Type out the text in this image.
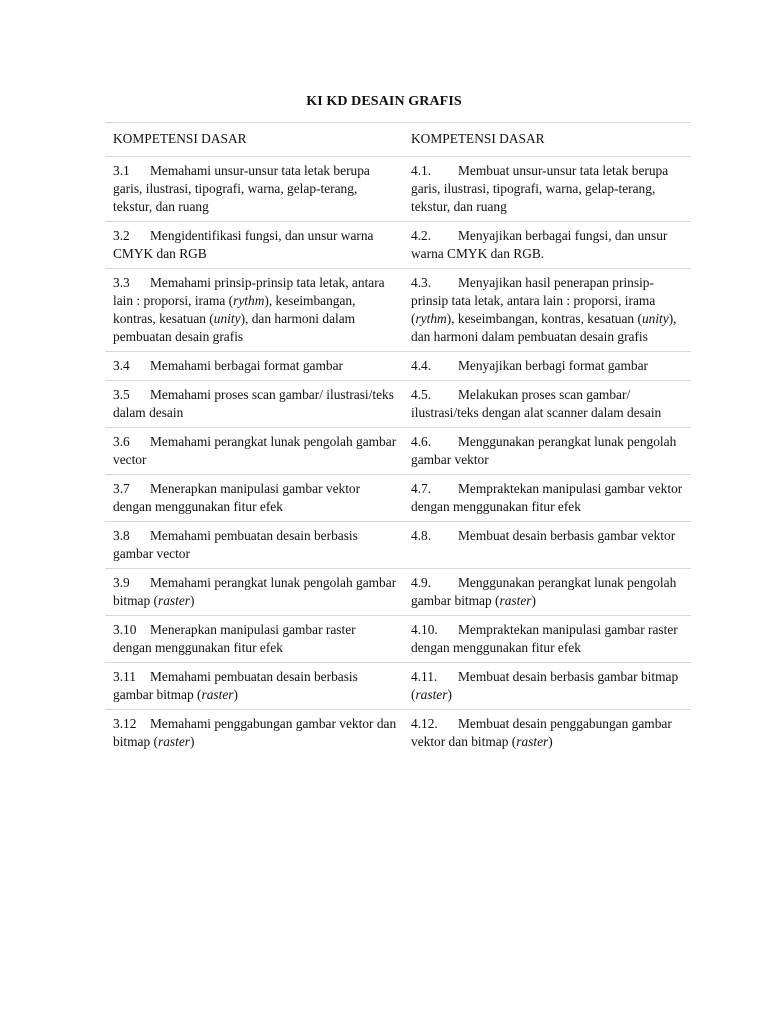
KI KD DESAIN GRAFIS
KOMPETENSI DASAR	KOMPETENSI DASAR
3.1 Memahami unsur-unsur tata letak berupa garis, ilustrasi, tipografi, warna, gelap-terang, tekstur, dan ruang	4.1. Membuat unsur-unsur tata letak berupa garis, ilustrasi, tipografi, warna, gelap-terang, tekstur, dan ruang
3.2 Mengidentifikasi fungsi, dan unsur warna CMYK dan RGB	4.2. Menyajikan berbagai fungsi, dan unsur warna CMYK dan RGB.
3.3 Memahami prinsip-prinsip tata letak, antara lain : proporsi, irama (rythm), keseimbangan, kontras, kesatuan (unity), dan harmoni dalam pembuatan desain grafis	4.3. Menyajikan hasil penerapan prinsip-prinsip tata letak, antara lain : proporsi, irama (rythm), keseimbangan, kontras, kesatuan (unity), dan harmoni dalam pembuatan desain grafis
3.4 Memahami berbagai format gambar	4.4. Menyajikan berbagi format gambar
3.5 Memahami proses scan gambar/ ilustrasi/teks dalam desain	4.5. Melakukan proses scan gambar/ ilustrasi/teks dengan alat scanner dalam desain
3.6 Memahami perangkat lunak pengolah gambar vector	4.6. Menggunakan perangkat lunak pengolah gambar vektor
3.7 Menerapkan manipulasi gambar vektor dengan menggunakan fitur efek	4.7. Mempraktekan manipulasi gambar vektor dengan menggunakan fitur efek
3.8 Memahami pembuatan desain berbasis gambar vector	4.8. Membuat desain berbasis gambar vektor
3.9 Memahami perangkat lunak pengolah gambar bitmap (raster)	4.9. Menggunakan perangkat lunak pengolah gambar bitmap (raster)
3.10 Menerapkan manipulasi gambar raster dengan menggunakan fitur efek	4.10. Mempraktekan manipulasi gambar raster dengan menggunakan fitur efek
3.11 Memahami pembuatan desain berbasis gambar bitmap (raster)	4.11. Membuat desain berbasis gambar bitmap (raster)
3.12 Memahami penggabungan gambar vektor dan bitmap (raster)	4.12. Membuat desain penggabungan gambar vektor dan bitmap (raster)
